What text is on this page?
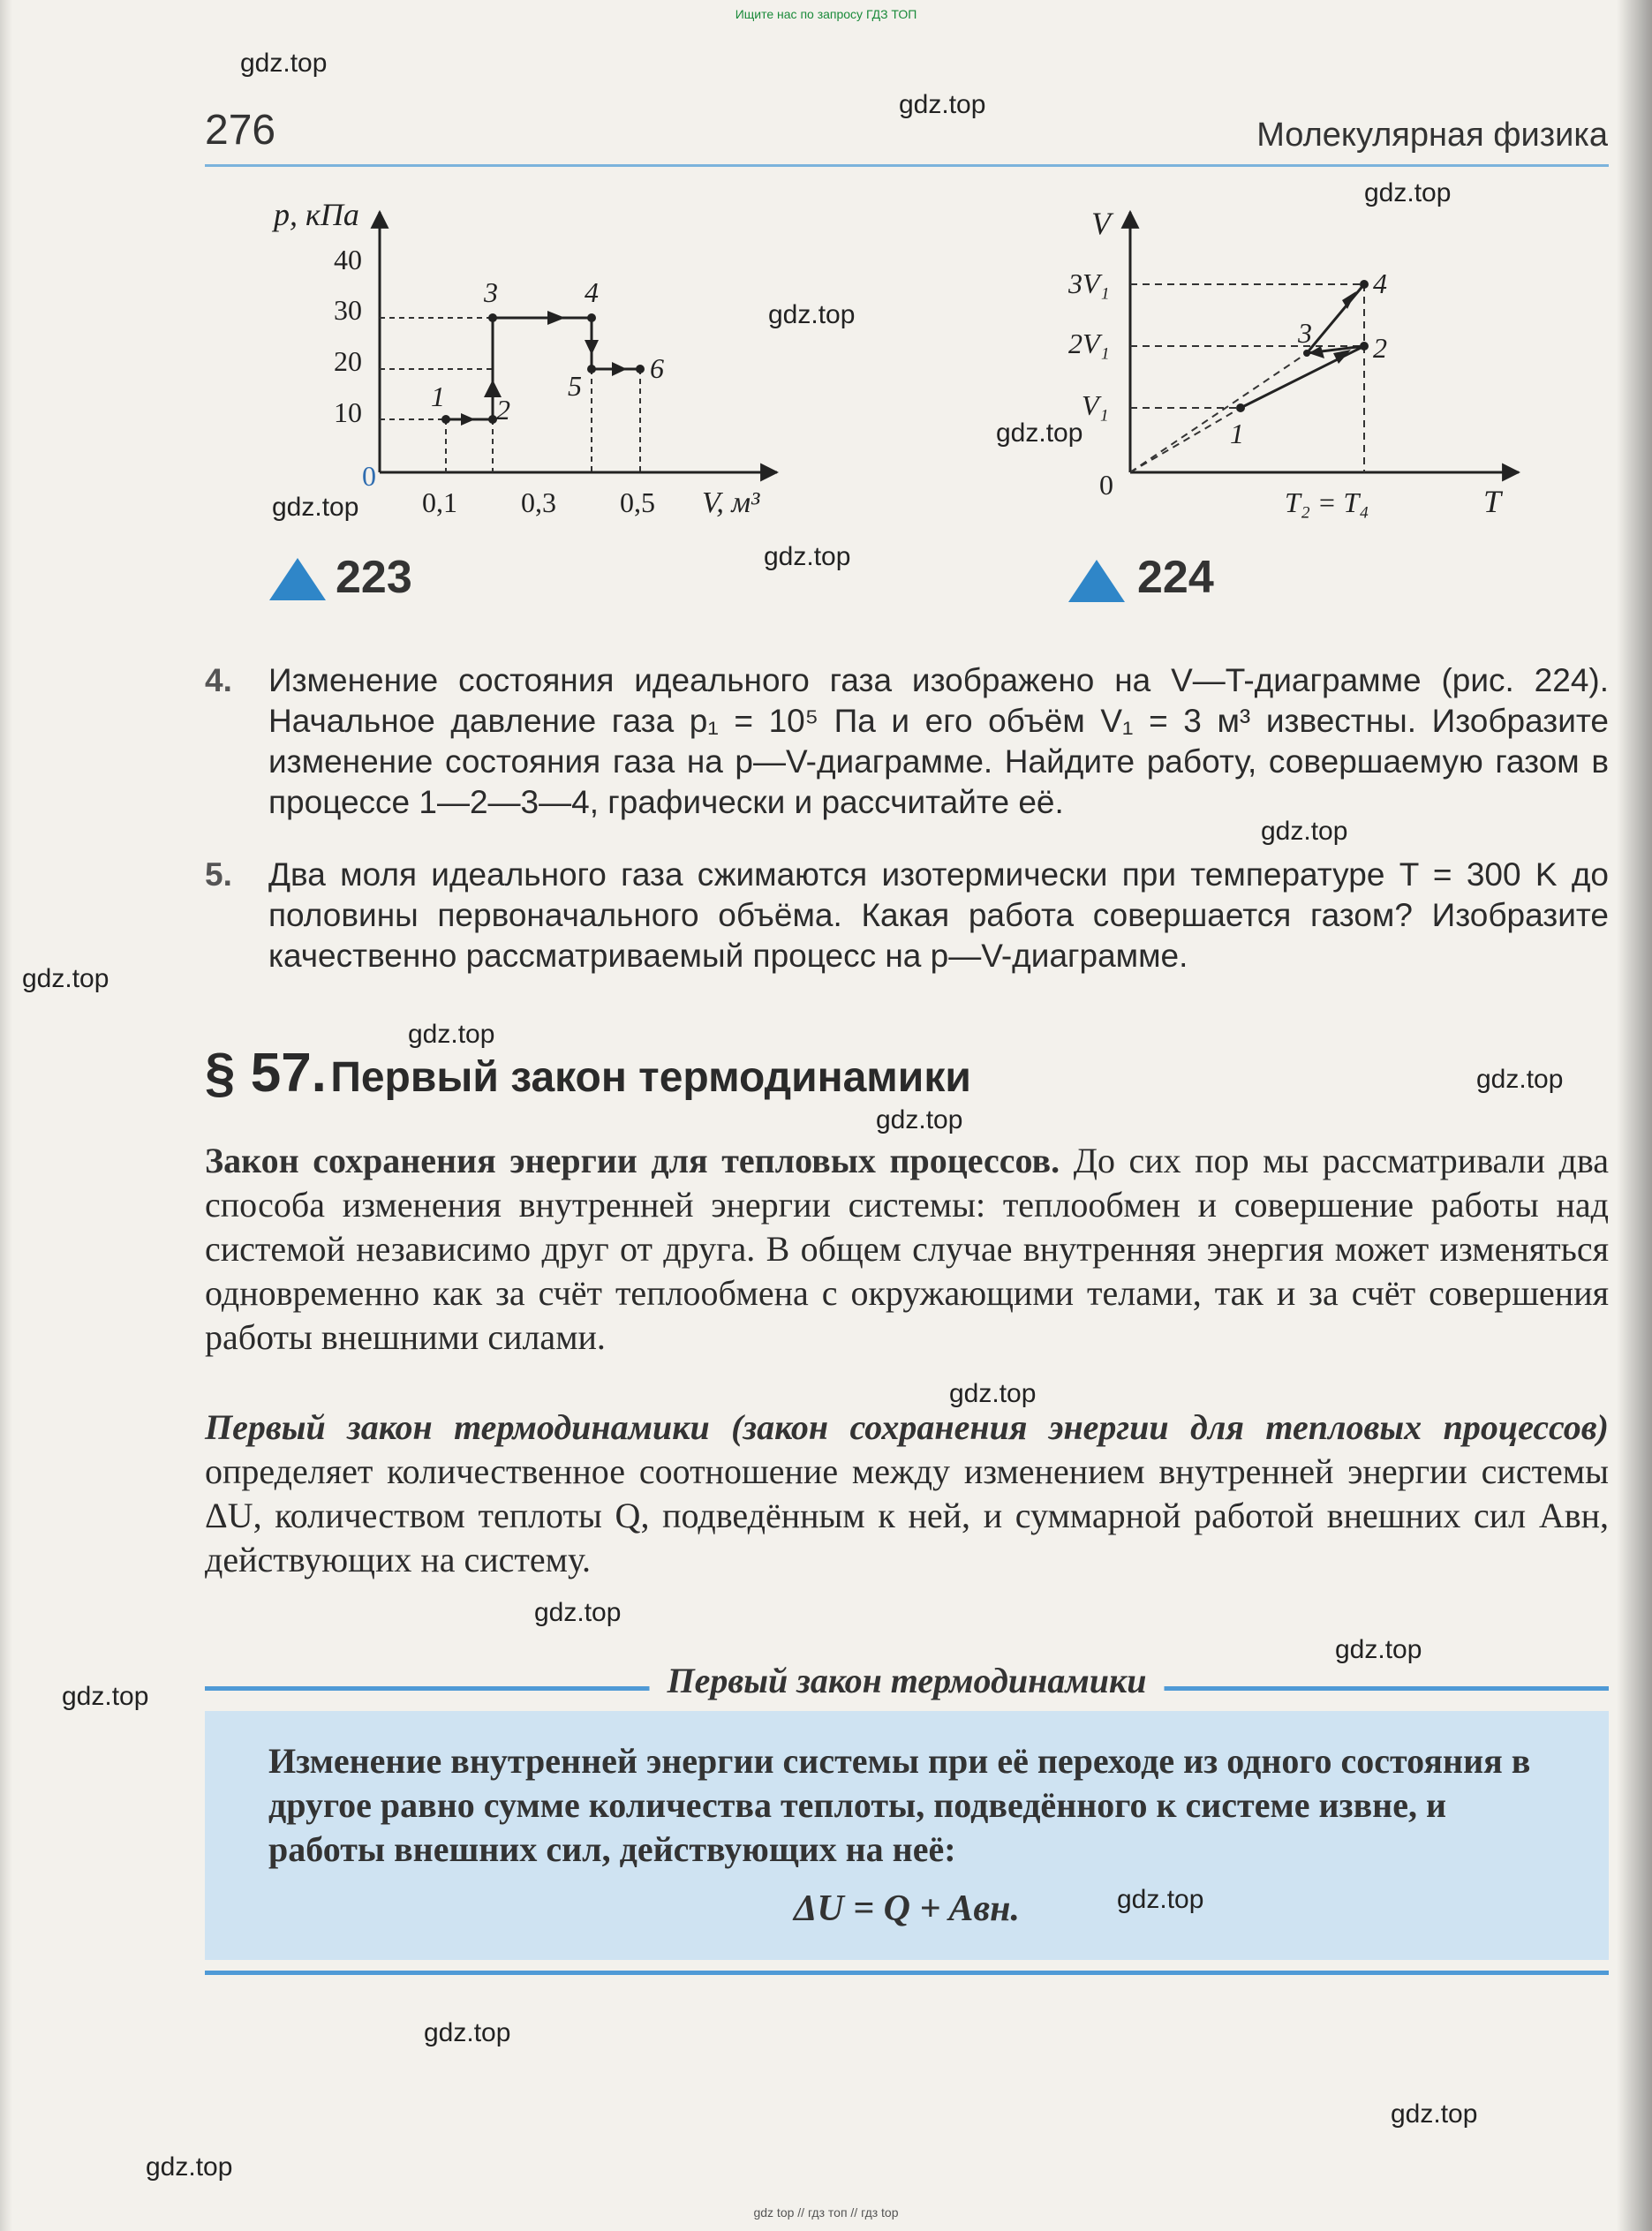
Ищите нас по запросу ГДЗ ТОП
276	Молекулярная физика
p, кПа
V, м³
0
40
30
20
10
0,1 0,3 0,5
1 2
3	4
5
6
223
V
T
0
3V₁
2V₁
V₁
T₂ = T₄
1
2
3
4
224
4. Изменение состояния идеального газа изображено на V—T-диаграмме (рис. 224). Начальное давление газа p₁ = 10⁵ Па и его объём V₁ = 3 м³ известны. Изобразите изменение состояния газа на p—V-диаграмме. Найдите работу, совершаемую газом в процессе 1—2—3—4, графически и рассчитайте её.
5. Два моля идеального газа сжимаются изотермически при температуре T = 300 K до половины первоначального объёма. Какая работа совершается газом? Изобразите качественно рассматриваемый процесс на p—V-диаграмме.
§ 57. Первый закон термодинамики
Закон сохранения энергии для тепловых процессов. До сих пор мы рассматривали два способа изменения внутренней энергии системы: теплообмен и совершение работы над системой независимо друг от друга. В общем случае внутренняя энергия может изменяться одновременно как за счёт теплообмена с окружающими телами, так и за счёт совершения работы внешними силами.
Первый закон термодинамики (закон сохранения энергии для тепловых процессов) определяет количественное соотношение между изменением внутренней энергии системы ΔU, количеством теплоты Q, подведённым к ней, и суммарной работой внешних сил Aвн, действующих на систему.
Первый закон термодинамики
Изменение внутренней энергии системы при её переходе из одного состояния в другое равно сумме количества теплоты, подведённого к системе извне, и работы внешних сил, действующих на неё:
ΔU = Q + Aвн.
gdz.top
gdz.top
gdz.top
gdz.top
gdz.top
gdz.top
gdz.top
gdz.top
gdz.top
gdz.top
gdz.top
gdz.top
gdz.top
gdz.top
gdz.top
gdz.top
gdz.top
gdz.top
gdz.top
gdz.top
gdz top // гдз топ // гдз top
